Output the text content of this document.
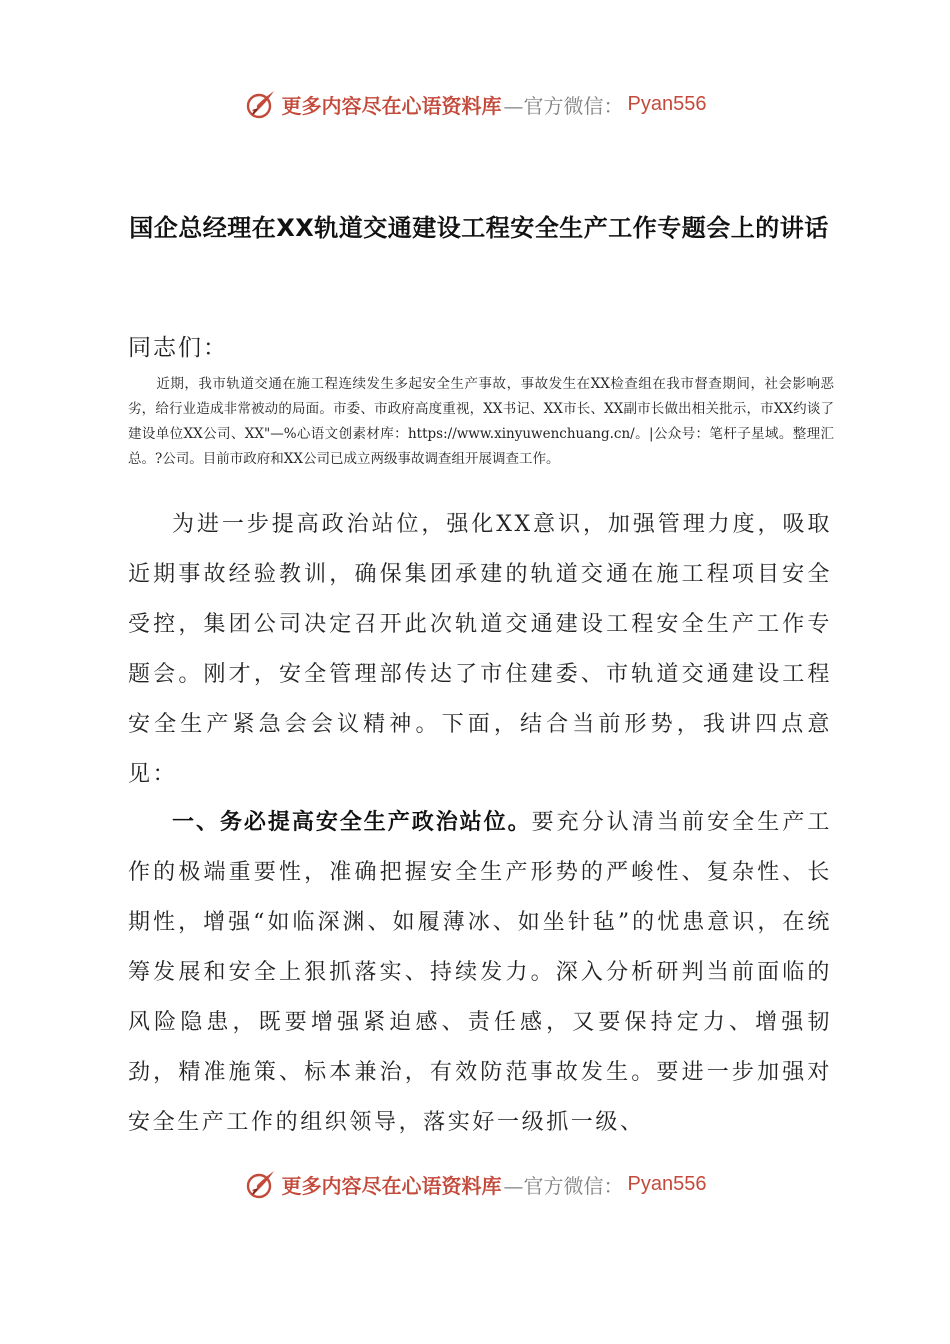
更多内容尽在心语资料库 —官方微信： Pyan556
国企总经理在XX轨道交通建设工程安全生产工作专题会上的讲话
同志们：

近期，我市轨道交通在施工程连续发生多起安全生产事故，事故发生在XX检查组在我市督查期间，社会影响恶劣，给行业造成非常被动的局面。市委、市政府高度重视，XX书记、XX市长、XX副市长做出相关批示，市XX约谈了建设单位XX公司、XX"—%心语文创素材库：https://www.xinyuwenchuang.cn/。|公众号：笔杆子星域。整理汇总。?公司。目前市政府和XX公司已成立两级事故调查组开展调查工作。

为进一步提高政治站位，强化XX意识，加强管理力度，吸取近期事故经验教训，确保集团承建的轨道交通在施工程项目安全受控，集团公司决定召开此次轨道交通建设工程安全生产工作专题会。刚才，安全管理部传达了市住建委、市轨道交通建设工程安全生产紧急会会议精神。下面，结合当前形势，我讲四点意见：

一、务必提高安全生产政治站位。要充分认清当前安全生产工作的极端重要性，准确把握安全生产形势的严峻性、复杂性、长期性，增强“如临深渊、如履薄冰、如坐针毡”的忧患意识，在统筹发展和安全上狠抓落实、持续发力。深入分析研判当前面临的风险隐患，既要增强紧迫感、责任感，又要保持定力、增强韧劲，精准施策、标本兼治，有效防范事故发生。要进一步加强对安全生产工作的组织领导，落实好一级抓一级、

更多内容尽在心语资料库 —官方微信： Pyan556
